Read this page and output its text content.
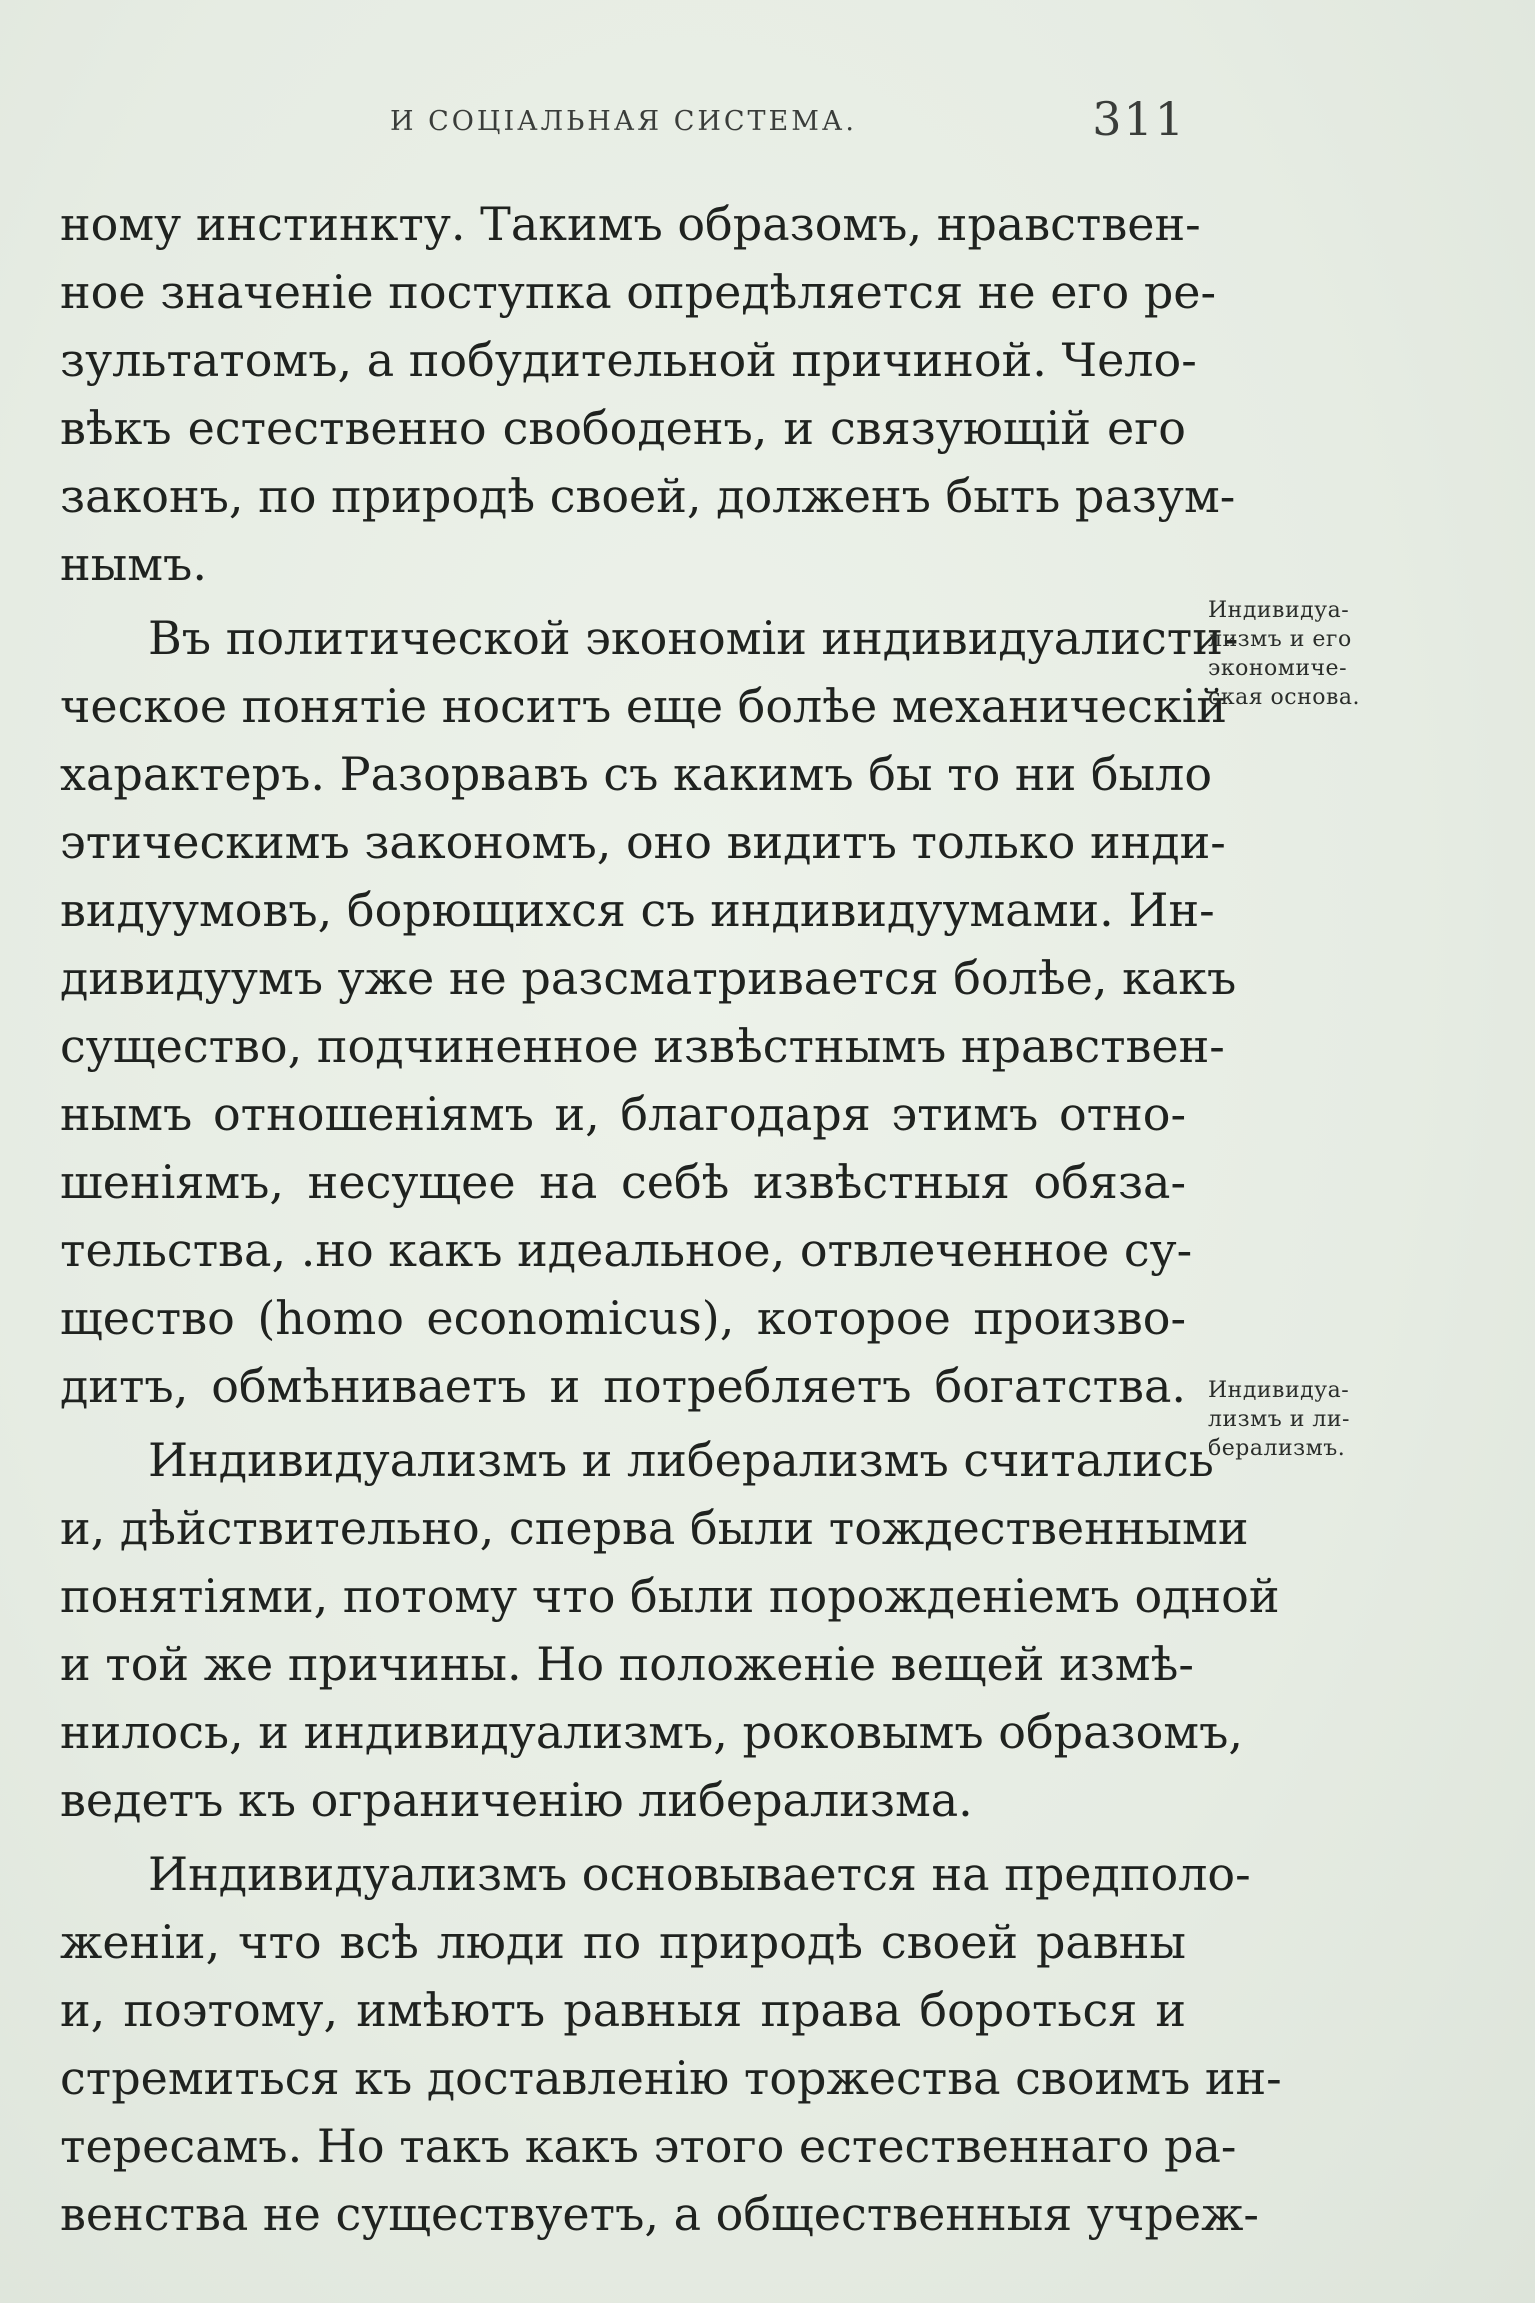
И СОЦІАЛЬНАЯ СИСТЕМА.	311

ному инстинкту. Такимъ образомъ, нравствен-
ное значеніе поступка опредѣляется не его ре-
зультатомъ, а побудительной причиной. Чело-
вѣкъ естественно свободенъ, и связующій его
законъ, по природѣ своей, долженъ быть разум-
нымъ.

Въ политической экономіи индивидуалисти-
ческое понятіе носитъ еще болѣе механическій
характеръ. Разорвавъ съ какимъ бы то ни было
этическимъ закономъ, оно видитъ только инди-
видуумовъ, борющихся съ индивидуумами. Ин-
дивидуумъ уже не разсматривается болѣе, какъ
существо, подчиненное извѣстнымъ нравствен-
нымъ отношеніямъ и, благодаря этимъ отно-
шеніямъ, несущее на себѣ извѣстныя обяза-
тельства, .но какъ идеальное, отвлеченное су-
щество (homo economicus), которое произво-
дитъ, обмѣниваетъ и потребляетъ богатства.

Индивидуализмъ и либерализмъ считались
и, дѣйствительно, сперва были тождественными
понятіями, потому что были порожденіемъ одной
и той же причины. Но положеніе вещей измѣ-
нилось, и индивидуализмъ, роковымъ образомъ,
ведетъ къ ограниченію либерализма.

Индивидуализмъ основывается на предполо-
женіи, что всѣ люди по природѣ своей равны
и, поэтому, имѣютъ равныя права бороться и
стремиться къ доставленію торжества своимъ ин-
тересамъ. Но такъ какъ этого естественнаго ра-
венства не существуетъ, а общественныя учреж-

Индивидуа-
лизмъ и его
экономиче-
ская основа.
Индивидуа-
лизмъ и ли-
берализмъ.
